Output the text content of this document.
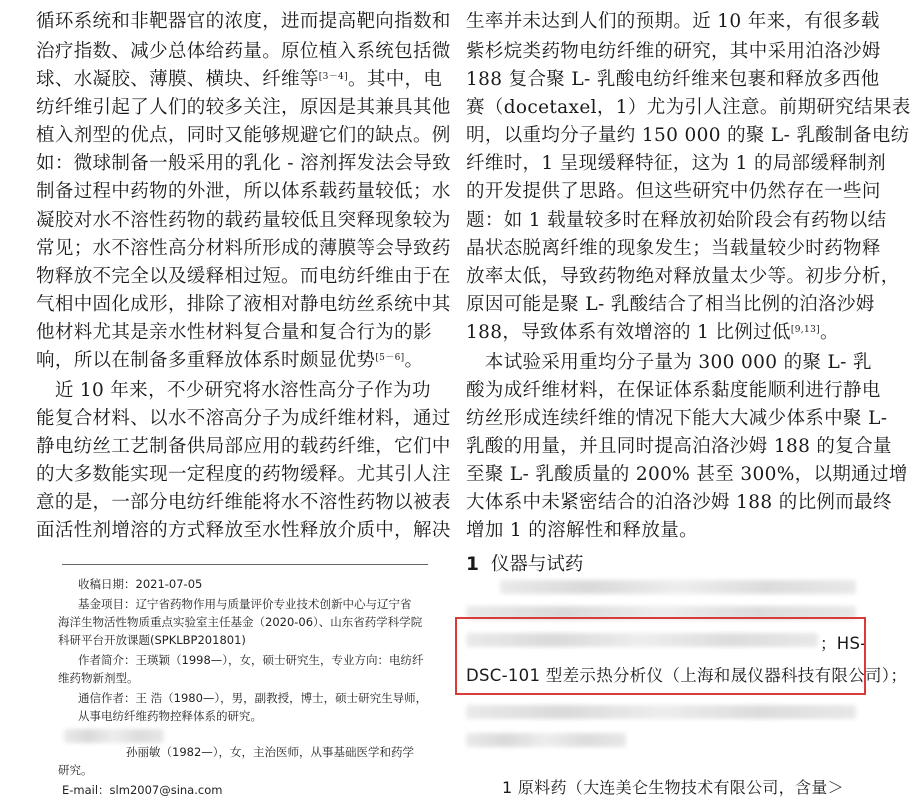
循环系统和非靶器官的浓度，进而提高靶向指数和
治疗指数、减少总体给药量。原位植入系统包括微
球、水凝胶、薄膜、横块、纤维等[3－4]。其中，电
纺纤维引起了人们的较多关注，原因是其兼具其他
植入剂型的优点，同时又能够规避它们的缺点。例
如：微球制备一般采用的乳化 - 溶剂挥发法会导致
制备过程中药物的外泄，所以体系载药量较低；水
凝胶对水不溶性药物的载药量较低且突释现象较为
常见；水不溶性高分材料所形成的薄膜等会导致药
物释放不完全以及缓释相过短。而电纺纤维由于在
气相中固化成形，排除了液相对静电纺丝系统中其
他材料尤其是亲水性材料复合量和复合行为的影
响，所以在制备多重释放体系时颇显优势[5－6]。
　近 10 年来，不少研究将水溶性高分子作为功
能复合材料、以水不溶高分子为成纤维材料，通过
静电纺丝工艺制备供局部应用的载药纤维，它们中
的大多数能实现一定程度的药物缓释。尤其引人注
意的是，一部分电纺纤维能将水不溶性药物以被表
面活性剂增溶的方式释放至水性释放介质中，解决
收稿日期：2021-07-05
基金项目：辽宁省药物作用与质量评价专业技术创新中心与辽宁省
海洋生物活性物质重点实验室主任基金（2020-06）、山东省药学科学院
科研平台开放课题(SPKLBP201801)
作者简介：王瑛颖（1998—），女，硕士研究生，专业方向：电纺纤
维药物新剂型。
通信作者：王 浩（1980—），男，副教授，博士，硕士研究生导师，
从事电纺纤维药物控释体系的研究。
孙丽敏（1982—），女，主治医师，从事基础医学和药学
研究。
E-mail：slm2007@sina.com
生率并未达到人们的预期。近 10 年来，有很多载
紫杉烷类药物电纺纤维的研究，其中采用泊洛沙姆
188 复合聚 L- 乳酸电纺纤维来包裹和释放多西他
赛（docetaxel，1）尤为引人注意。前期研究结果表
明，以重均分子量约 150 000 的聚 L- 乳酸制备电纺
纤维时，1 呈现缓释特征，这为 1 的局部缓释制剂
的开发提供了思路。但这些研究中仍然存在一些问
题：如 1 载量较多时在释放初始阶段会有药物以结
晶状态脱离纤维的现象发生；当载量较少时药物释
放率太低，导致药物绝对释放量太少等。初步分析，
原因可能是聚 L- 乳酸结合了相当比例的泊洛沙姆
188，导致体系有效增溶的 1 比例过低[9,13]。
　本试验采用重均分子量为 300 000 的聚 L- 乳
酸为成纤维材料，在保证体系黏度能顺利进行静电
纺丝形成连续纤维的情况下能大大减少体系中聚 L-
乳酸的用量，并且同时提高泊洛沙姆 188 的复合量
至聚 L- 乳酸质量的 200% 甚至 300%，以期通过增
大体系中未紧密结合的泊洛沙姆 188 的比例而最终
增加 1 的溶解性和释放量。
1 仪器与试药
；HS-
DSC-101 型差示热分析仪（上海和晟仪器科技有限公司）；
1 原料药（大连美仑生物技术有限公司，含量＞
